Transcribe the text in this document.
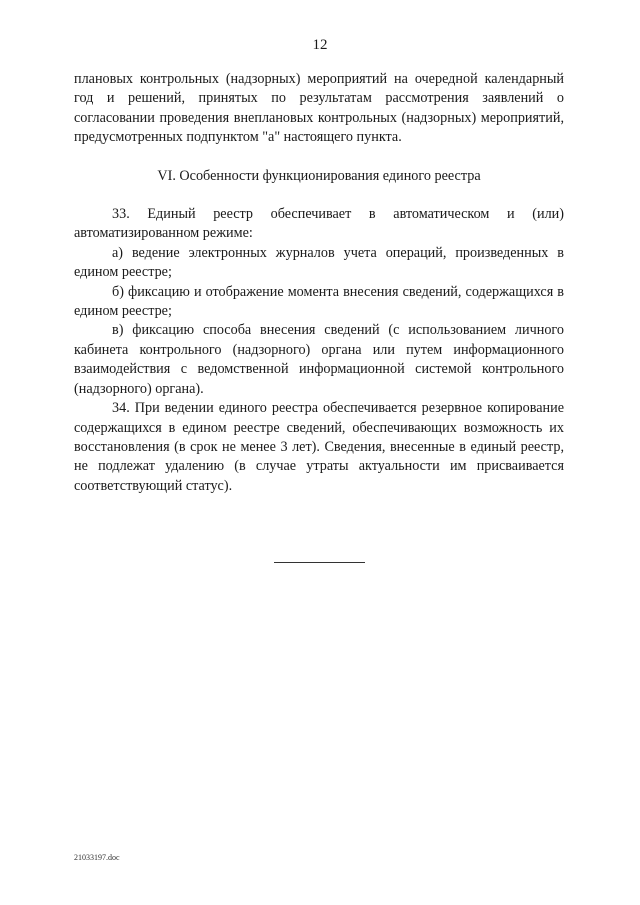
12

плановых контрольных (надзорных) мероприятий на очередной календарный год и решений, принятых по результатам рассмотрения заявлений о согласовании проведения внеплановых контрольных (надзорных) мероприятий, предусмотренных подпунктом "а" настоящего пункта.

VI. Особенности функционирования единого реестра

33. Единый реестр обеспечивает в автоматическом и (или) автоматизированном режиме:

а) ведение электронных журналов учета операций, произведенных в едином реестре;

б) фиксацию и отображение момента внесения сведений, содержащихся в едином реестре;

в) фиксацию способа внесения сведений (с использованием личного кабинета контрольного (надзорного) органа или путем информационного взаимодействия с ведомственной информационной системой контрольного (надзорного) органа).

34. При ведении единого реестра обеспечивается резервное копирование содержащихся в едином реестре сведений, обеспечивающих возможность их восстановления (в срок не менее 3 лет). Сведения, внесенные в единый реестр, не подлежат удалению (в случае утраты актуальности им присваивается соответствующий статус).

21033197.doc
